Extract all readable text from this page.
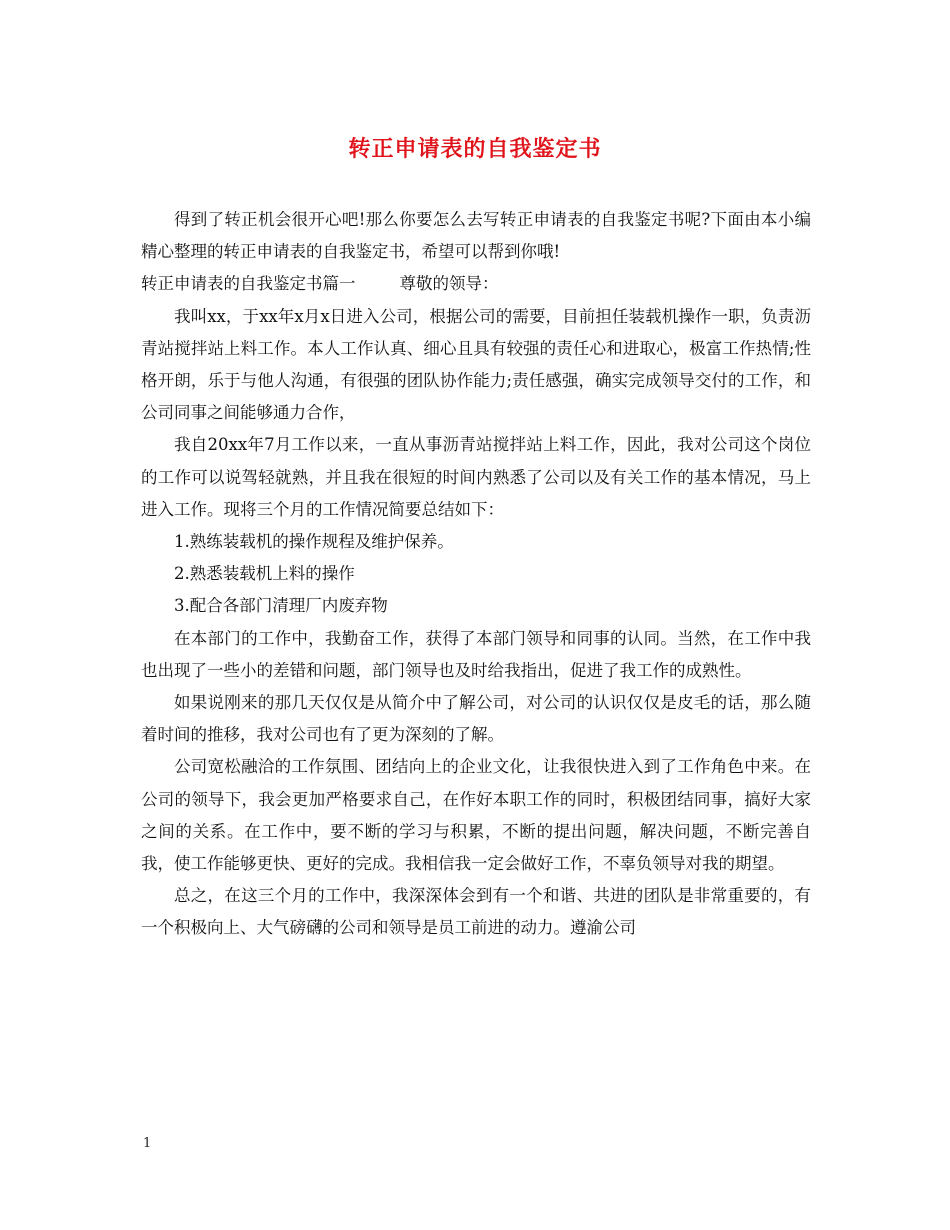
转正申请表的自我鉴定书

得到了转正机会很开心吧!那么你要怎么去写转正申请表的自我鉴定书呢?下面由本小编精心整理的转正申请表的自我鉴定书，希望可以帮到你哦!

转正申请表的自我鉴定书篇一	尊敬的领导：

我叫xx，于xx年x月x日进入公司，根据公司的需要，目前担任装载机操作一职，负责沥青站搅拌站上料工作。本人工作认真、细心且具有较强的责任心和进取心，极富工作热情;性格开朗，乐于与他人沟通，有很强的团队协作能力;责任感强，确实完成领导交付的工作，和公司同事之间能够通力合作，

我自20xx年7月工作以来，一直从事沥青站搅拌站上料工作，因此，我对公司这个岗位的工作可以说驾轻就熟，并且我在很短的时间内熟悉了公司以及有关工作的基本情况，马上进入工作。现将三个月的工作情况简要总结如下：

1.熟练装载机的操作规程及维护保养。

2.熟悉装载机上料的操作

3.配合各部门清理厂内废弃物

在本部门的工作中，我勤奋工作，获得了本部门领导和同事的认同。当然，在工作中我也出现了一些小的差错和问题，部门领导也及时给我指出，促进了我工作的成熟性。

如果说刚来的那几天仅仅是从简介中了解公司，对公司的认识仅仅是皮毛的话，那么随着时间的推移，我对公司也有了更为深刻的了解。

公司宽松融洽的工作氛围、团结向上的企业文化，让我很快进入到了工作角色中来。在公司的领导下，我会更加严格要求自己，在作好本职工作的同时，积极团结同事，搞好大家之间的关系。在工作中，要不断的学习与积累，不断的提出问题，解决问题，不断完善自我，使工作能够更快、更好的完成。我相信我一定会做好工作，不辜负领导对我的期望。

总之，在这三个月的工作中，我深深体会到有一个和谐、共进的团队是非常重要的，有一个积极向上、大气磅礴的公司和领导是员工前进的动力。遵渝公司

1
